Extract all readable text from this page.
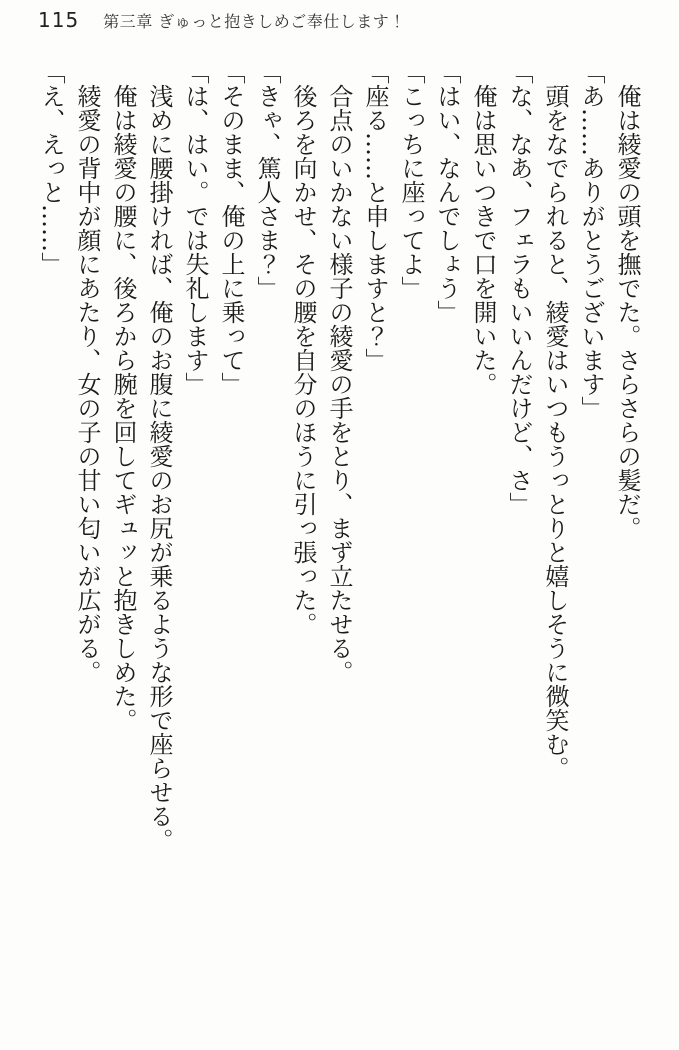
115 第三章 ぎゅっと抱きしめご奉仕します！

俺は綾愛の頭を撫でた。さらさらの髪だ。

「あ……ありがとうございます」

頭をなでられると、綾愛はいつもうっとりと嬉しそうに微笑む。

「な、なあ、フェラもいいんだけど、さ」

俺は思いつきで口を開いた。

「はい、なんでしょう」

「こっちに座ってよ」

「座る……と申しますと？」

合点のいかない様子の綾愛の手をとり、まず立たせる。

後ろを向かせ、その腰を自分のほうに引っ張った。

「きゃ、篤人さま？」

「そのまま、俺の上に乗って」

「は、はい。では失礼します」

浅めに腰掛ければ、俺のお腹に綾愛のお尻が乗るような形で座らせる。

俺は綾愛の腰に、後ろから腕を回してギュッと抱きしめた。

綾愛の背中が顔にあたり、女の子の甘い匂いが広がる。

「え、えっと……」
